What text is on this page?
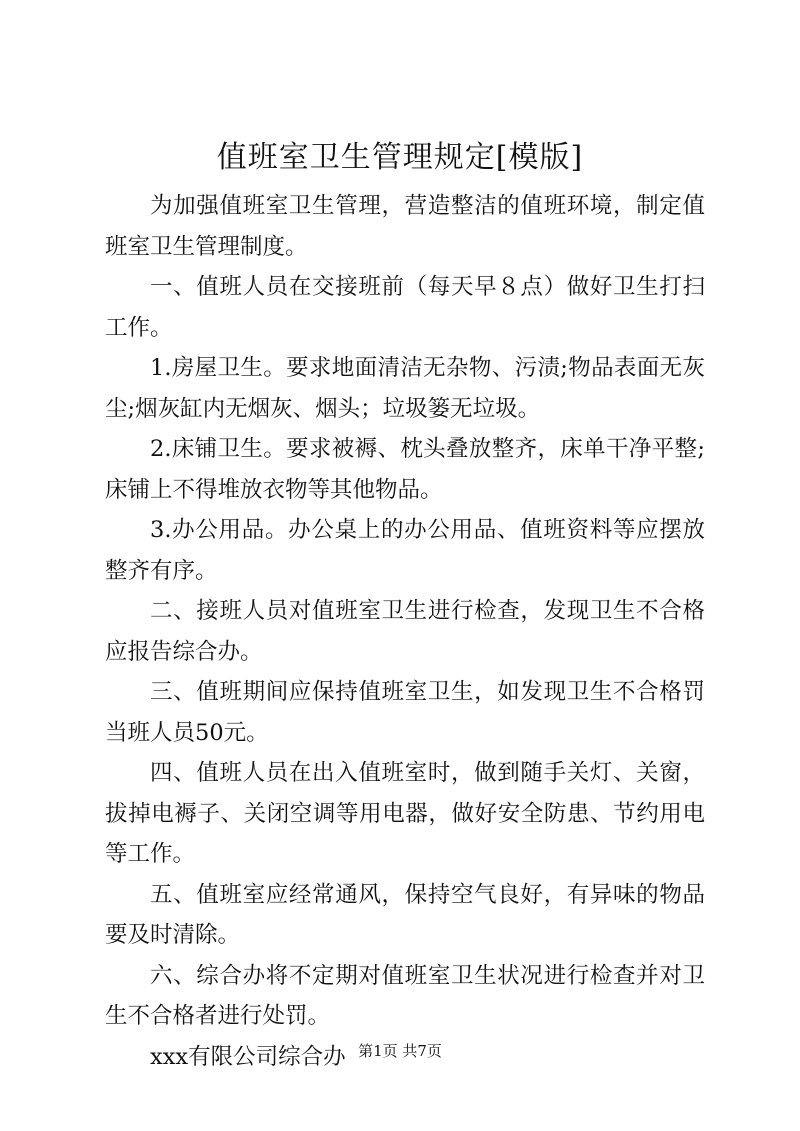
值班室卫生管理规定[模版]

为加强值班室卫生管理，营造整洁的值班环境，制定值班室卫生管理制度。

一、值班人员在交接班前（每天早８点）做好卫生打扫工作。

1.房屋卫生。要求地面清洁无杂物、污渍;物品表面无灰尘;烟灰缸内无烟灰、烟头；垃圾篓无垃圾。

2.床铺卫生。要求被褥、枕头叠放整齐，床单干净平整;床铺上不得堆放衣物等其他物品。

3.办公用品。办公桌上的办公用品、值班资料等应摆放整齐有序。

二、接班人员对值班室卫生进行检查，发现卫生不合格应报告综合办。

三、值班期间应保持值班室卫生，如发现卫生不合格罚当班人员50元。

四、值班人员在出入值班室时，做到随手关灯、关窗，拔掉电褥子、关闭空调等用电器，做好安全防患、节约用电等工作。

五、值班室应经常通风，保持空气良好，有异味的物品要及时清除。

六、综合办将不定期对值班室卫生状况进行检查并对卫生不合格者进行处罚。

xxx有限公司综合办 第1页 共7页
